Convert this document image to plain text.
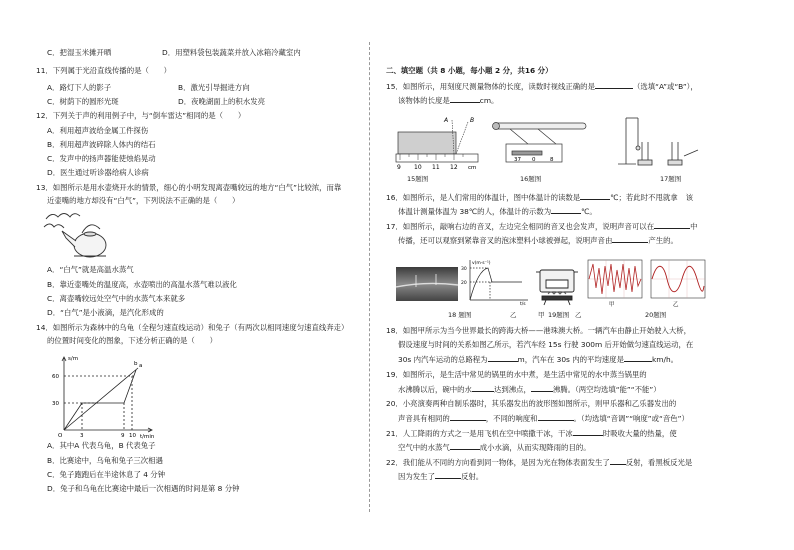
C．把湿玉米摊开晒	D．用塑料袋包装蔬菜并放入冰箱冷藏室内
11．下列属于光沿直线传播的是（　　）
A．路灯下人的影子	B．激光引导掘进方向
C．树荫下的圆形光斑	D．夜晚湖面上的积水发亮
12．下列关于声的利用例子中，与“倒车雷达”相同的是（　　）
A．利用超声波给金属工件探伤
B．利用超声波碎除人体内的结石
C．发声中的扬声器能使烛焰晃动
D．医生通过听诊器给病人诊病
13．如图所示是用水壶烧开水的情景，细心的小明发现离壶嘴较远的地方“白气”比较浓，而靠
近壶嘴的地方却没有“白气”，下列说法不正确的是（　　）
A．“白气”就是高温水蒸气
B．靠近壶嘴处的温度高，水壶喷出的高温水蒸气难以液化
C．离壶嘴较远处空气中的水蒸气本来就多
D．“白气”是小液滴，是汽化形成的
14．如图所示为森林中的乌龟（全程匀速直线运动）和兔子（有两次以相同速度匀速直线奔走）
的位置时间变化的图象，下述分析正确的是（　　）
s/m
t/min
O
60
30
3	9 10
a
b
A．其中A 代表乌龟，B 代表兔子
B．比赛途中，乌龟和兔子三次相遇
C．兔子跑跑后在半途休息了 4 分钟
D．兔子和乌龟在比赛途中最后一次相遇的时间是第 8 分钟
二、填空题（共 8 小题，每小题 2 分，共16 分）
15．如图所示，用刻度尺测量物体的长度，读数时视线正确的是	（选填“A”或“B”），
该物体的长度是	cm。
A	B
9 10 11 12 cm
15题图
37 0	8
16题图	17题图
16．如图所示，是人们常用的体温计，图中体温计的读数是	℃；若此时不甩就拿 该
体温计测量体温为 38℃的人，体温计的示数为	℃。
17．如图所示，敲响右边的音叉，左边完全相同的音叉也会发声，说明声音可以在	中
传播，还可以观察到紧靠音叉的泡沫塑料小球被弹起，说明声音由	产生的。
v(m·s⁻¹)
30
20
t/s
18 题图	乙	19题图
甲	乙
甲	乙	20题图
18．如图甲所示为当今世界最长的跨海大桥——港珠澳大桥。一辆汽车由静止开始驶入大桥，
假设速度与时间的关系如图乙所示，若汽车经 15s 行驶 300m 后开始做匀速直线运动，在
30s 内汽车运动的总路程为	m，汽车在 30s 内的平均速度是	km/h。
19．如图所示，是生活中常见的锅里的水中煮，是生活中常见的水中蒸当锅里的
水沸腾以后，碗中的水	达到沸点，	沸腾。（两空均选填“能”“不能”）
20．小亮演奏两种自制乐器时，其乐器发出的波形图如图所示，则甲乐器和乙乐器发出的
声音具有相同的	，不同的响度和	。（均选填“音调”“响度”或“音色”）
21．人工降雨的方式之一是用飞机在空中喷撒干冰，干冰	时吸收大量的热量，使
空气中的水蒸气	成小水滴，从而实现降雨的目的。
22．我们能从不同的方向看到同一物体，是因为光在物体表面发生了 反射，看黑板反光是
因为发生了	反射。
